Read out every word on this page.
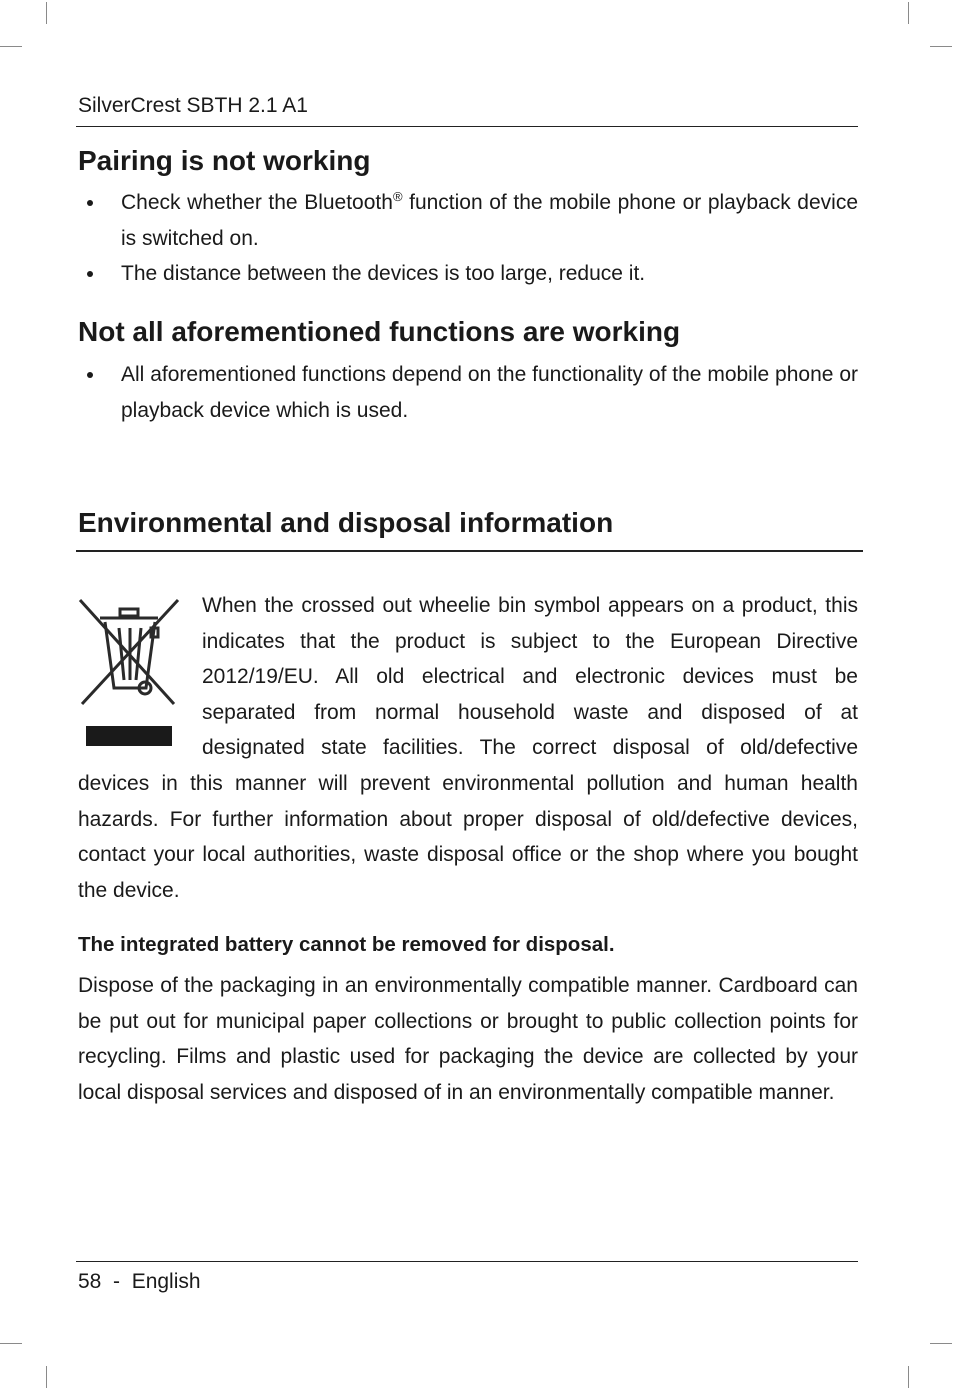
SilverCrest SBTH 2.1 A1
Pairing is not working
Check whether the Bluetooth® function of the mobile phone or playback device is switched on.
The distance between the devices is too large, reduce it.
Not all aforementioned functions are working
All aforementioned functions depend on the functionality of the mobile phone or playback device which is used.
Environmental and disposal information
When the crossed out wheelie bin symbol appears on a product, this
indicates that the product is subject to the European Directive
2012/19/EU. All old electrical and electronic devices must be
separated from normal household waste and disposed of at
designated state facilities. The correct disposal of old/defective

devices in this manner will prevent environmental pollution and human health hazards. For further information about proper disposal of old/defective devices, contact your local authorities, waste disposal office or the shop where you bought the device.

The integrated battery cannot be removed for disposal.

Dispose of the packaging in an environmentally compatible manner. Cardboard can be put out for municipal paper collections or brought to public collection points for recycling. Films and plastic used for packaging the device are collected by your local disposal services and disposed of in an environmentally compatible manner.

58  -  English
